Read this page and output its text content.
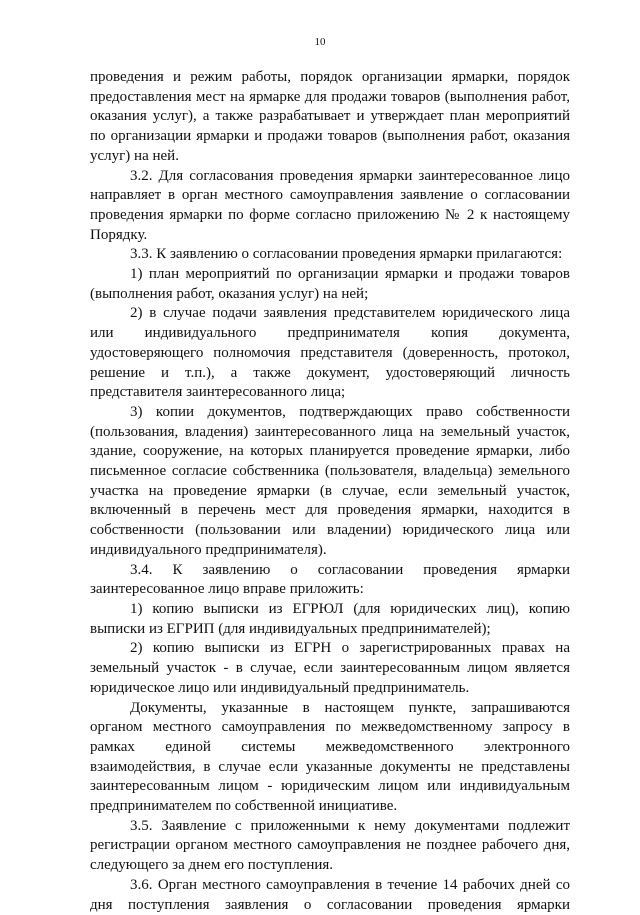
10
проведения и режим работы, порядок организации ярмарки, порядок
предоставления мест на ярмарке для продажи товаров (выполнения работ,
оказания услуг), а также разрабатывает и утверждает план мероприятий
по организации ярмарки и продажи товаров (выполнения работ, оказания
услуг) на ней.
3.2. Для согласования проведения ярмарки заинтересованное лицо
направляет в орган местного самоуправления заявление о согласовании
проведения ярмарки по форме согласно приложению № 2 к настоящему
Порядку.
3.3. К заявлению о согласовании проведения ярмарки прилагаются:
1) план мероприятий по организации ярмарки и продажи товаров
(выполнения работ, оказания услуг) на ней;
2) в случае подачи заявления представителем юридического лица
или индивидуального предпринимателя копия документа,
удостоверяющего полномочия представителя (доверенность, протокол,
решение и т.п.), а также документ, удостоверяющий личность
представителя заинтересованного лица;
3) копии документов, подтверждающих право собственности
(пользования, владения) заинтересованного лица на земельный участок,
здание, сооружение, на которых планируется проведение ярмарки, либо
письменное согласие собственника (пользователя, владельца) земельного
участка на проведение ярмарки (в случае, если земельный участок,
включенный в перечень мест для проведения ярмарки, находится в
собственности (пользовании или владении) юридического лица или
индивидуального предпринимателя).
3.4. К заявлению о согласовании проведения ярмарки
заинтересованное лицо вправе приложить:
1) копию выписки из ЕГРЮЛ (для юридических лиц), копию
выписки из ЕГРИП (для индивидуальных предпринимателей);
2) копию выписки из ЕГРН о зарегистрированных правах на
земельный участок - в случае, если заинтересованным лицом является
юридическое лицо или индивидуальный предприниматель.
Документы, указанные в настоящем пункте, запрашиваются
органом местного самоуправления по межведомственному запросу в
рамках единой системы межведомственного электронного
взаимодействия, в случае если указанные документы не представлены
заинтересованным лицом - юридическим лицом или индивидуальным
предпринимателем по собственной инициативе.
3.5. Заявление с приложенными к нему документами подлежит
регистрации органом местного самоуправления не позднее рабочего дня,
следующего за днем его поступления.
3.6. Орган местного самоуправления в течение 14 рабочих дней со
дня поступления заявления о согласовании проведения ярмарки
